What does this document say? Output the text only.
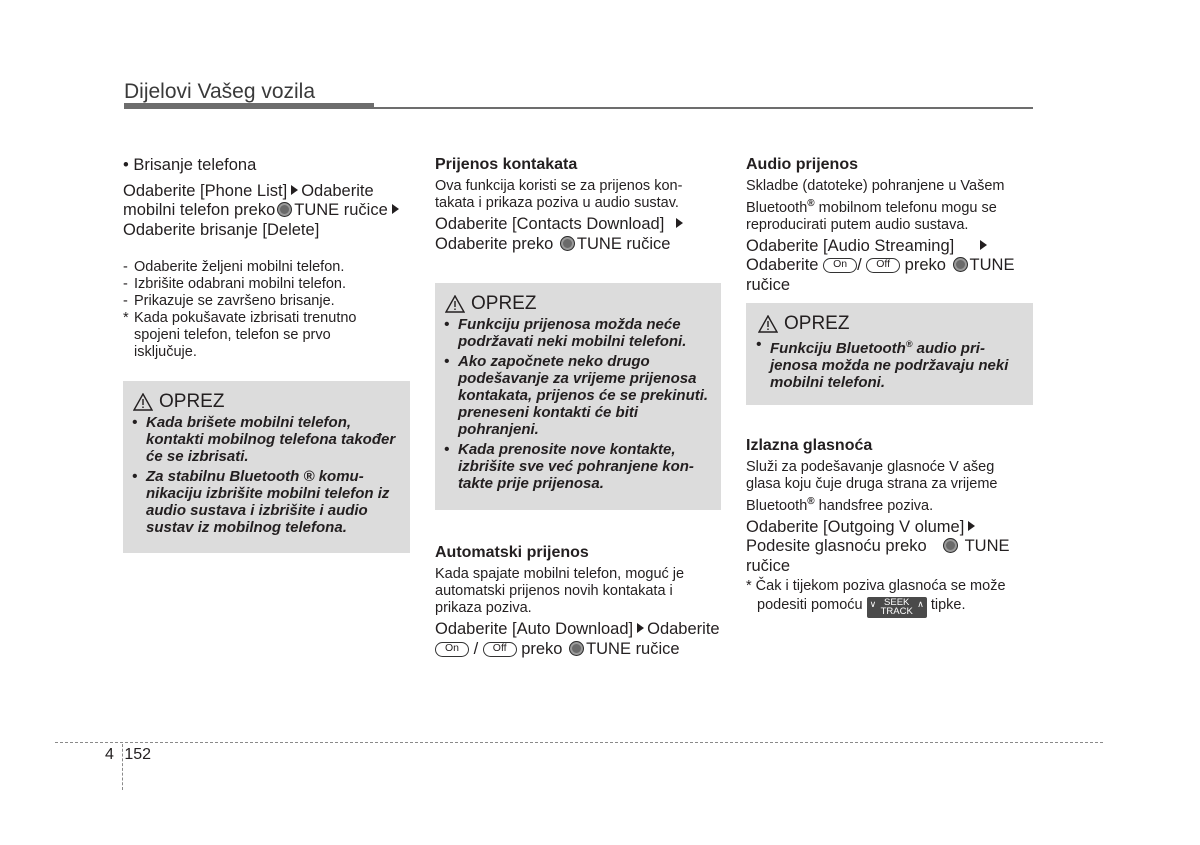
Dijelovi Vašeg vozila
• Brisanje telefona
Odaberite [Phone List] Odaberite
mobilni telefon preko TUNE ručice
Odaberite brisanje [Delete]
- Odaberite željeni mobilni telefon.
- Izbrišite odabrani mobilni telefon.
- Prikazuje se završeno brisanje.
* Kada pokušavate izbrisati trenutno
spojeni telefon, telefon se prvo
isključuje.
OPREZ
• Kada brišete mobilni telefon, kontakti mobilnog telefona također će se izbrisati.
• Za stabilnu Bluetooth ® komu-nikaciju izbrišite mobilni telefon iz audio sustava i izbrišite i audio sustav iz mobilnog telefona.
Prijenos kontakata
Ova funkcija koristi se za prijenos kon-takata i prikaza poziva u audio sustav.
Odaberite [Contacts Download]
Odaberite preko TUNE ručice
OPREZ
• Funkciju prijenosa možda neće podržavati neki mobilni telefoni.
• Ako započnete neko drugo podešavanje za vrijeme prijenosa kontakata, prijenos će se prekinuti. preneseni kontakti će biti pohranjeni.
• Kada prenosite nove kontakte, izbrišite sve već pohranjene kon-takte prije prijenosa.
Automatski prijenos
Kada spajate mobilni telefon, moguć je automatski prijenos novih kontakata i prikaza poziva.
Odaberite [Auto Download] Odaberite
On / Off preko TUNE ručice
Audio prijenos
Skladbe (datoteke) pohranjene u Vašem
Bluetooth® mobilnom telefonu mogu se
reproducirati putem audio sustava.
Odaberite [Audio Streaming]
Odaberite On / Off preko TUNE
ručice
OPREZ
• Funkciju Bluetooth® audio pri-jenosa možda ne podržavaju neki mobilni telefoni.
Izlazna glasnoća
Služi za podešavanje glasnoće V ašeg
glasa koju čuje druga strana za vrijeme
Bluetooth® handsfree poziva.
Odaberite [Outgoing V olume]
Podesite glasnoću preko TUNE
ručice
* Čak i tijekom poziva glasnoća se može
podesiti pomoću ∨ SEEK
TRACK
∧ tipke.
4 152
